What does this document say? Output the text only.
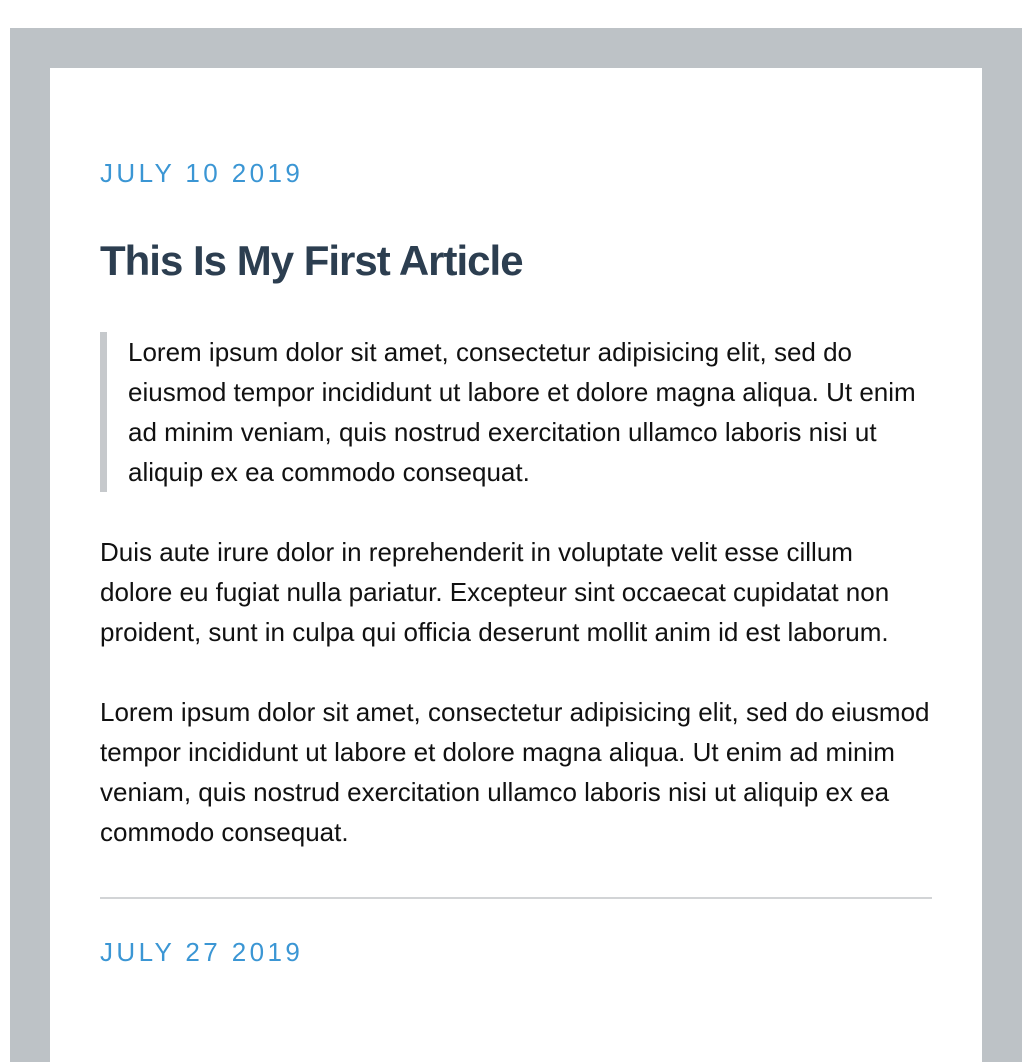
JULY 10 2019
This Is My First Article
Lorem ipsum dolor sit amet, consectetur adipisicing elit, sed do eiusmod tempor incididunt ut labore et dolore magna aliqua. Ut enim ad minim veniam, quis nostrud exercitation ullamco laboris nisi ut aliquip ex ea commodo consequat.

Duis aute irure dolor in reprehenderit in voluptate velit esse cillum dolore eu fugiat nulla pariatur. Excepteur sint occaecat cupidatat non proident, sunt in culpa qui officia deserunt mollit anim id est laborum.

Lorem ipsum dolor sit amet, consectetur adipisicing elit, sed do eiusmod tempor incididunt ut labore et dolore magna aliqua. Ut enim ad minim veniam, quis nostrud exercitation ullamco laboris nisi ut aliquip ex ea commodo consequat.

JULY 27 2019
